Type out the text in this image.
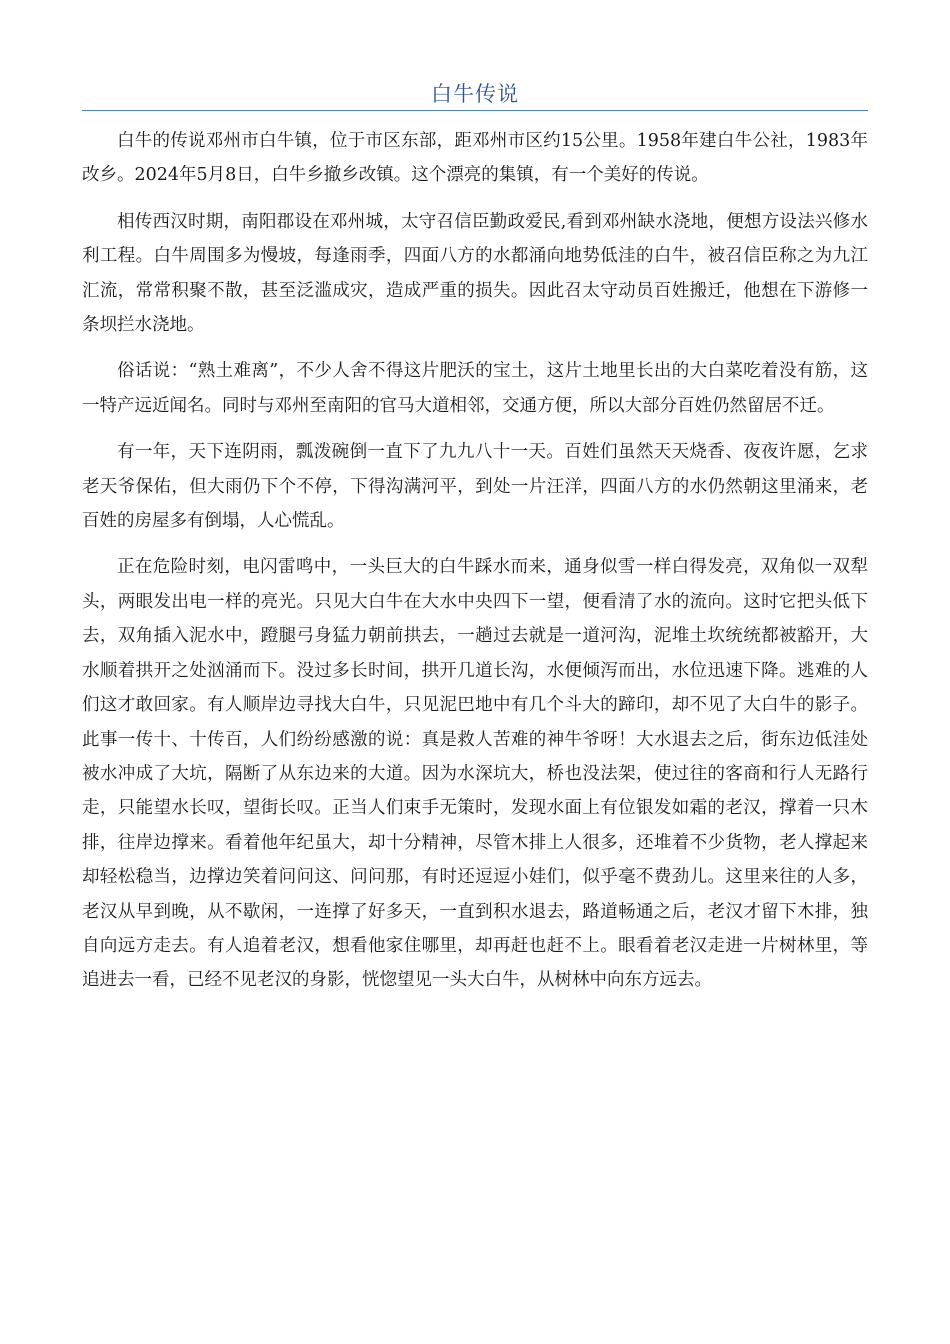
白牛传说

白牛的传说邓州市白牛镇，位于市区东部，距邓州市区约15公里。1958年建白牛公社，1983年改乡。2024年5月8日，白牛乡撤乡改镇。这个漂亮的集镇，有一个美好的传说。

相传西汉时期，南阳郡设在邓州城，太守召信臣勤政爱民,看到邓州缺水浇地，便想方设法兴修水利工程。白牛周围多为慢坡，每逢雨季，四面八方的水都涌向地势低洼的白牛，被召信臣称之为九江汇流，常常积聚不散，甚至泛滥成灾，造成严重的损失。因此召太守动员百姓搬迁，他想在下游修一条坝拦水浇地。

俗话说：“熟土难离”，不少人舍不得这片肥沃的宝土，这片土地里长出的大白菜吃着没有筋，这一特产远近闻名。同时与邓州至南阳的官马大道相邻，交通方便，所以大部分百姓仍然留居不迁。

有一年，天下连阴雨，瓢泼碗倒一直下了九九八十一天。百姓们虽然天天烧香、夜夜许愿，乞求老天爷保佑，但大雨仍下个不停，下得沟满河平，到处一片汪洋，四面八方的水仍然朝这里涌来，老百姓的房屋多有倒塌，人心慌乱。

正在危险时刻，电闪雷鸣中，一头巨大的白牛踩水而来，通身似雪一样白得发亮，双角似一双犁头，两眼发出电一样的亮光。只见大白牛在大水中央四下一望，便看清了水的流向。这时它把头低下去，双角插入泥水中，蹬腿弓身猛力朝前拱去，一趟过去就是一道河沟，泥堆土坎统统都被豁开，大水顺着拱开之处汹涌而下。没过多长时间，拱开几道长沟，水便倾泻而出，水位迅速下降。逃难的人们这才敢回家。有人顺岸边寻找大白牛，只见泥巴地中有几个斗大的蹄印，却不见了大白牛的影子。此事一传十、十传百，人们纷纷感激的说：真是救人苦难的神牛爷呀！大水退去之后，街东边低洼处被水冲成了大坑，隔断了从东边来的大道。因为水深坑大，桥也没法架，使过往的客商和行人无路行走，只能望水长叹，望街长叹。正当人们束手无策时，发现水面上有位银发如霜的老汉，撑着一只木排，往岸边撑来。看着他年纪虽大，却十分精神，尽管木排上人很多，还堆着不少货物，老人撑起来却轻松稳当，边撑边笑着问问这、问问那，有时还逗逗小娃们，似乎毫不费劲儿。这里来往的人多，老汉从早到晚，从不歇闲，一连撑了好多天，一直到积水退去，路道畅通之后，老汉才留下木排，独自向远方走去。有人追着老汉，想看他家住哪里，却再赶也赶不上。眼看着老汉走进一片树林里，等追进去一看，已经不见老汉的身影，恍惚望见一头大白牛，从树林中向东方远去。
